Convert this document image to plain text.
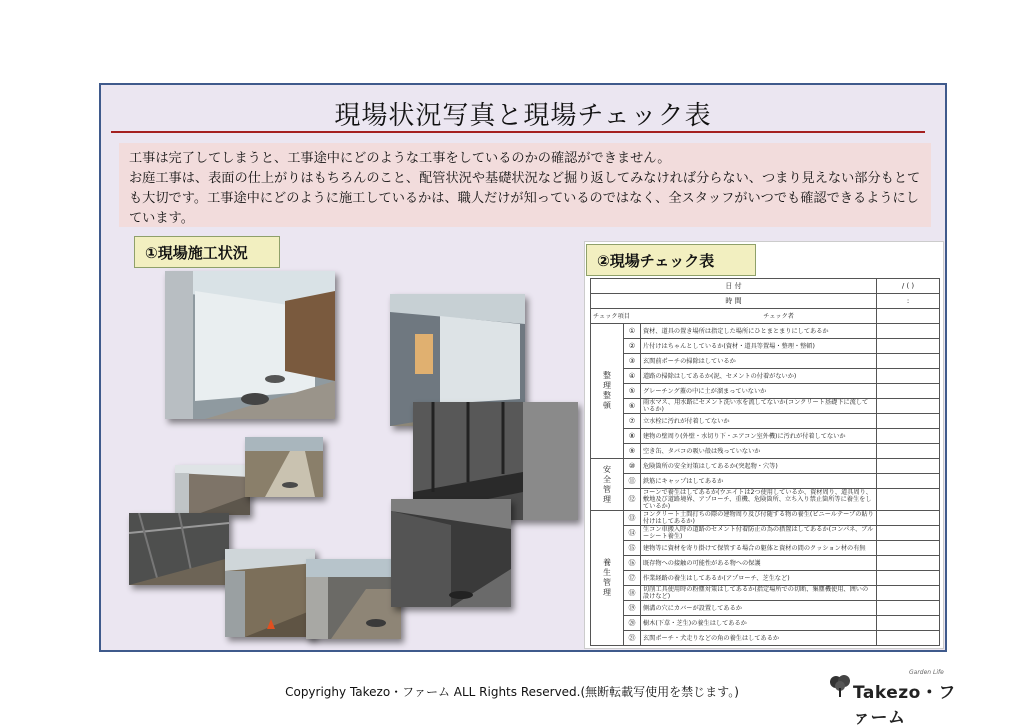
現場状況写真と現場チェック表

工事は完了してしまうと、工事途中にどのような工事をしているのかの確認ができません。

お庭工事は、表面の仕上がりはもちろんのこと、配管状況や基礎状況など掘り返してみなければ分らない、つまり見えない部分もとても大切です。工事途中にどのように施工しているかは、職人だけが知っているのではなく、全スタッフがいつでも確認できるようにしています。

①現場施工状況	②現場チェック表
日 付			/ ( )
時 間			:
チェック項目 チェック者			

整理整頓	①	資材、道具の置き場所は指定した場所にひとまとまりにしてあるか	
	②	片付けはちゃんとしているか(資材・道具等置場・整理・整頓)	
	③	玄関前ポーチの掃除はしているか	
	④	道路の掃除はしてあるか(泥、セメントの付着がないか)	
	⑤	グレーチング蓋の中に土が溜まっていないか	
	⑥	雨水マス、用水路にセメント洗い水を流してないか(コンクリート基礎下に流しているか)	
	⑦	立水栓に汚れが付着してないか	
	⑧	建物の壁周り(外壁・水切り下・エアコン室外機)に汚れが付着してないか	
	⑨	空き缶、タバコの吸い殻は残っていないか	
安全管理	⑩	危険箇所の安全対策はしてあるか(突起物・穴等)	
	⑪	鉄筋にキャップはしてあるか	
	⑫	コーンで養生はしてあるか(ウエイトは2つ使用しているか、資材周り、道具周り、敷地及び道路境界、アプローチ、重機、危険箇所、立ち入り禁止箇所等に養生をしているか)	
養生管理	⑬	コンクリート土間打ちの際の建物周り及び付随する物の養生(ビニールテープの貼り付けはしてあるか)	
	⑭	生コン車搬入時の道路のセメント付着防止の為の措置はしてあるか(コンパネ、ブルーシート養生)	
	⑮	建物等に資材を寄り掛けて保管する場合の躯体と資材の間のクッション材の有無	
	⑯	既存物への接触の可能性がある物への保護	
	⑰	作業経路の養生はしてあるか(アプローチ、芝生など)	
	⑱	切削工具使用時の粉塵対策はしてあるか(指定場所での切断、集塵機使用、囲いの設けなど)	
	⑲	側溝の穴にカバーが設置してあるか	
	⑳	樹木(下草・芝生)の養生はしてあるか	
	㉑	玄関ポーチ・犬走りなどの角の養生はしてあるか	
Copyrighy Takezo・ファーム ALL Rights Reserved.(無断転載写使用を禁じます。)
Garden Life
Takezo・ファーム
